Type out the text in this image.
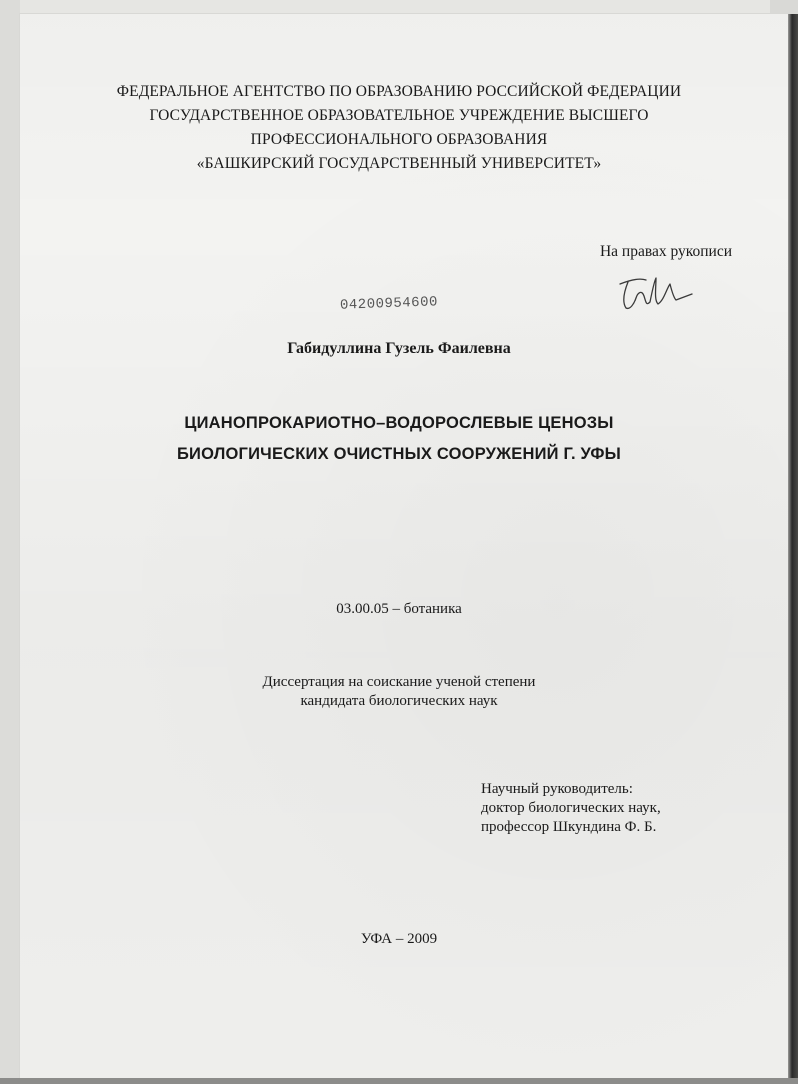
ФЕДЕРАЛЬНОЕ АГЕНТСТВО ПО ОБРАЗОВАНИЮ РОССИЙСКОЙ ФЕДЕРАЦИИ
ГОСУДАРСТВЕННОЕ ОБРАЗОВАТЕЛЬНОЕ УЧРЕЖДЕНИЕ ВЫСШЕГО
ПРОФЕССИОНАЛЬНОГО ОБРАЗОВАНИЯ
«БАШКИРСКИЙ ГОСУДАРСТВЕННЫЙ УНИВЕРСИТЕТ»
На правах рукописи
04200954600
Габидуллина Гузель Фаилевна
ЦИАНОПРОКАРИОТНО–ВОДОРОСЛЕВЫЕ ЦЕНОЗЫ
БИОЛОГИЧЕСКИХ ОЧИСТНЫХ СООРУЖЕНИЙ Г. УФЫ
03.00.05 – ботаника
Диссертация на соискание ученой степени
кандидата биологических наук
Научный руководитель:
доктор биологических наук,
профессор Шкундина Ф. Б.
УФА – 2009
